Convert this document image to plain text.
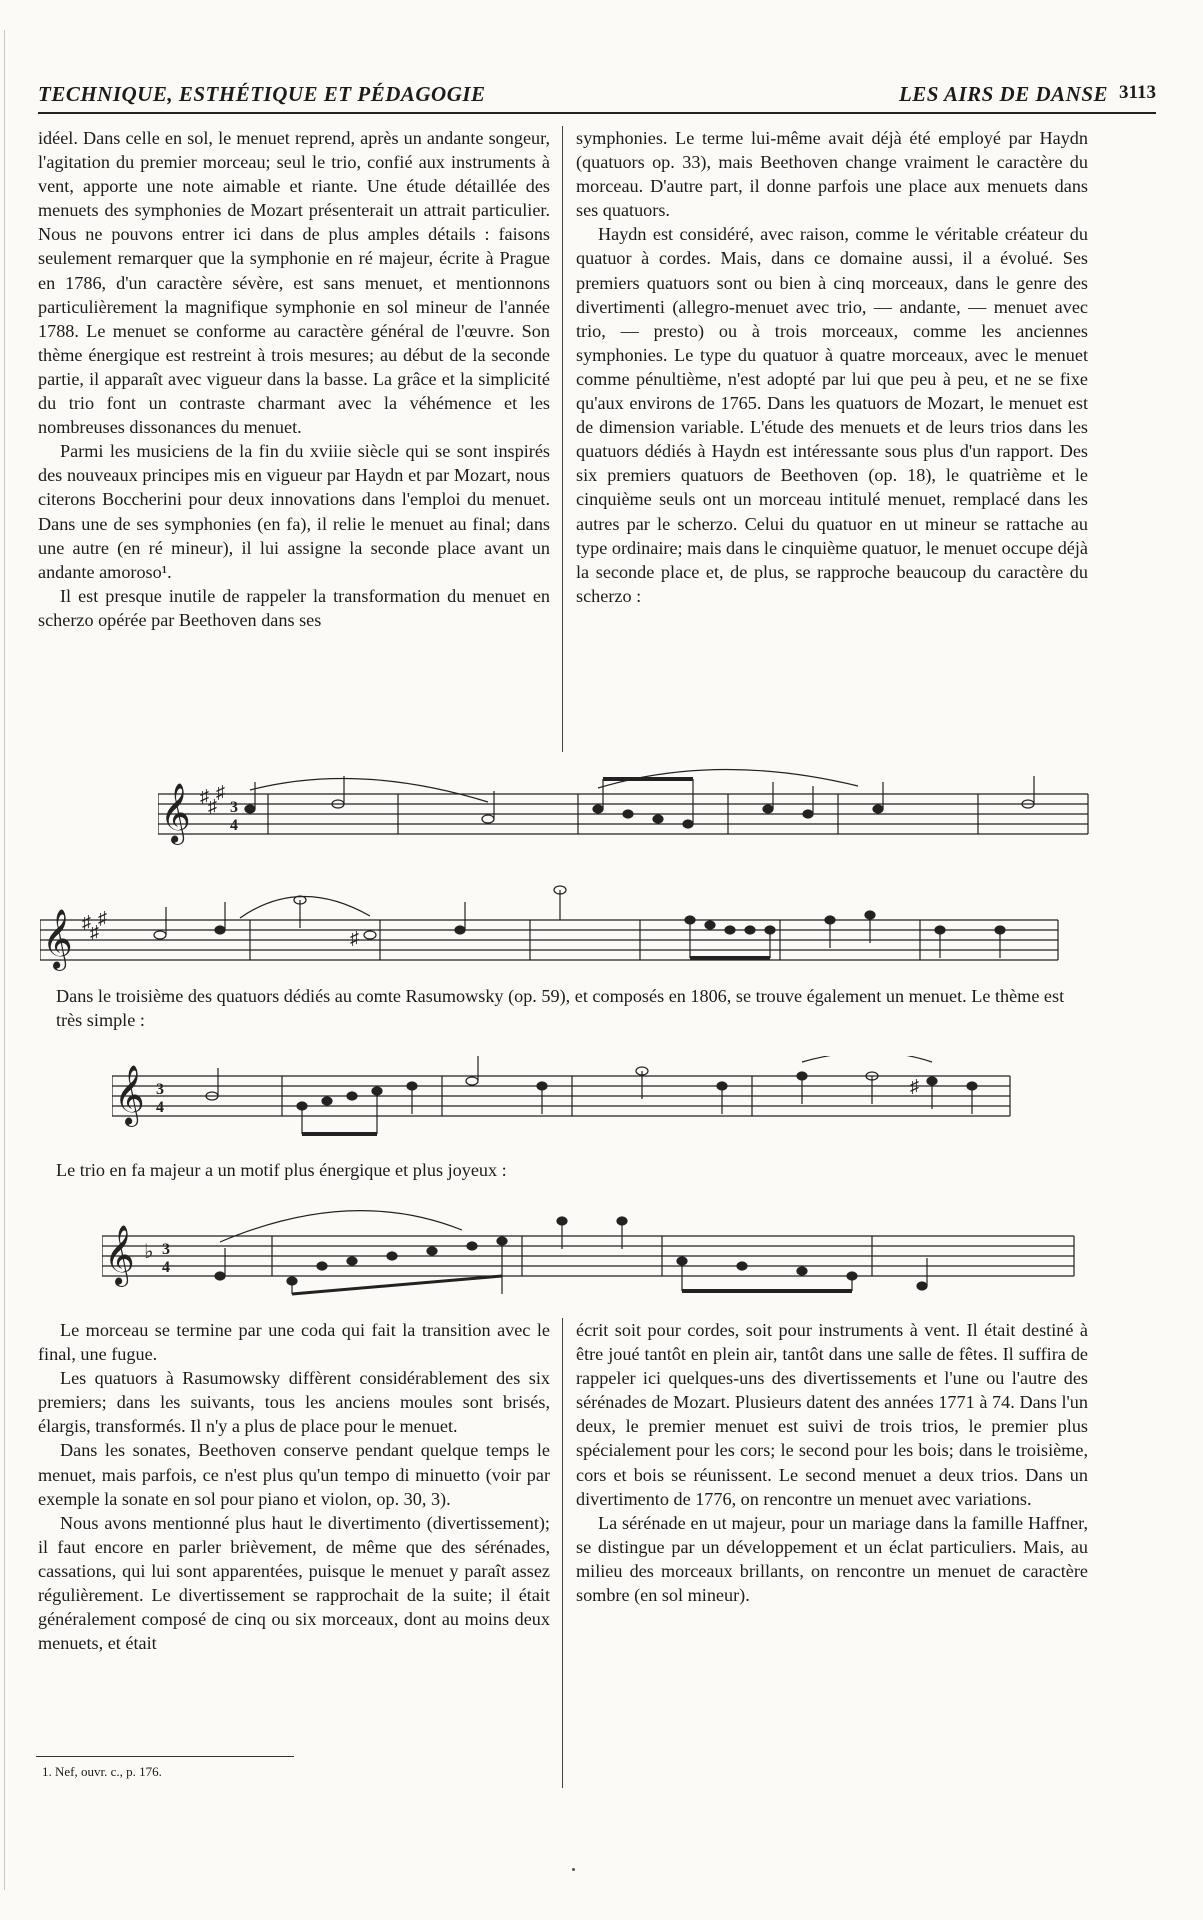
TECHNIQUE, ESTHÉTIQUE ET PÉDAGOGIE	LES AIRS DE DANSE 3113

idéel. Dans celle en sol, le menuet reprend, après un andante songeur, l'agitation du premier morceau; seul le trio, confié aux instruments à vent, apporte une note aimable et riante. Une étude détaillée des menuets des symphonies de Mozart présenterait un attrait particulier. Nous ne pouvons entrer ici dans de plus amples détails : faisons seulement remarquer que la symphonie en ré majeur, écrite à Prague en 1786, d'un caractère sévère, est sans menuet, et mentionnons particulièrement la magnifique symphonie en sol mineur de l'année 1788. Le menuet se conforme au caractère général de l'œuvre. Son thème énergique est restreint à trois mesures; au début de la seconde partie, il apparaît avec vigueur dans la basse. La grâce et la simplicité du trio font un contraste charmant avec la véhémence et les nombreuses dissonances du menuet.

Parmi les musiciens de la fin du xviiie siècle qui se sont inspirés des nouveaux principes mis en vigueur par Haydn et par Mozart, nous citerons Boccherini pour deux innovations dans l'emploi du menuet. Dans une de ses symphonies (en fa), il relie le menuet au final; dans une autre (en ré mineur), il lui assigne la seconde place avant un andante amoroso¹.

Il est presque inutile de rappeler la transformation du menuet en scherzo opérée par Beethoven dans ses

symphonies. Le terme lui-même avait déjà été employé par Haydn (quatuors op. 33), mais Beethoven change vraiment le caractère du morceau. D'autre part, il donne parfois une place aux menuets dans ses quatuors.

Haydn est considéré, avec raison, comme le véritable créateur du quatuor à cordes. Mais, dans ce domaine aussi, il a évolué. Ses premiers quatuors sont ou bien à cinq morceaux, dans le genre des divertimenti (allegro-menuet avec trio, — andante, — menuet avec trio, — presto) ou à trois morceaux, comme les anciennes symphonies. Le type du quatuor à quatre morceaux, avec le menuet comme pénultième, n'est adopté par lui que peu à peu, et ne se fixe qu'aux environs de 1765. Dans les quatuors de Mozart, le menuet est de dimension variable. L'étude des menuets et de leurs trios dans les quatuors dédiés à Haydn est intéressante sous plus d'un rapport. Des six premiers quatuors de Beethoven (op. 18), le quatrième et le cinquième seuls ont un morceau intitulé menuet, remplacé dans les autres par le scherzo. Celui du quatuor en ut mineur se rattache au type ordinaire; mais dans le cinquième quatuor, le menuet occupe déjà la seconde place et, de plus, se rapproche beaucoup du caractère du scherzo :

𝄞 ♯ ♯
♯
3
4
𝄞 ♯ ♯
♯
♯

Dans le troisième des quatuors dédiés au comte Rasumowsky (op. 59), et composés en 1806, se trouve également un menuet. Le thème est très simple :

𝄞 3
4
♯

Le trio en fa majeur a un motif plus énergique et plus joyeux :

𝄞 ♭ 3
4

Le morceau se termine par une coda qui fait la transition avec le final, une fugue.

Les quatuors à Rasumowsky diffèrent considérablement des six premiers; dans les suivants, tous les anciens moules sont brisés, élargis, transformés. Il n'y a plus de place pour le menuet.

Dans les sonates, Beethoven conserve pendant quelque temps le menuet, mais parfois, ce n'est plus qu'un tempo di minuetto (voir par exemple la sonate en sol pour piano et violon, op. 30, 3).

Nous avons mentionné plus haut le divertimento (divertissement); il faut encore en parler brièvement, de même que des sérénades, cassations, qui lui sont apparentées, puisque le menuet y paraît assez régulièrement. Le divertissement se rapprochait de la suite; il était généralement composé de cinq ou six morceaux, dont au moins deux menuets, et était

écrit soit pour cordes, soit pour instruments à vent. Il était destiné à être joué tantôt en plein air, tantôt dans une salle de fêtes. Il suffira de rappeler ici quelques-uns des divertissements et l'une ou l'autre des sérénades de Mozart. Plusieurs datent des années 1771 à 74. Dans l'un deux, le premier menuet est suivi de trois trios, le premier plus spécialement pour les cors; le second pour les bois; dans le troisième, cors et bois se réunissent. Le second menuet a deux trios. Dans un divertimento de 1776, on rencontre un menuet avec variations.

La sérénade en ut majeur, pour un mariage dans la famille Haffner, se distingue par un développement et un éclat particuliers. Mais, au milieu des morceaux brillants, on rencontre un menuet de caractère sombre (en sol mineur).

1. Nef, ouvr. c., p. 176.
